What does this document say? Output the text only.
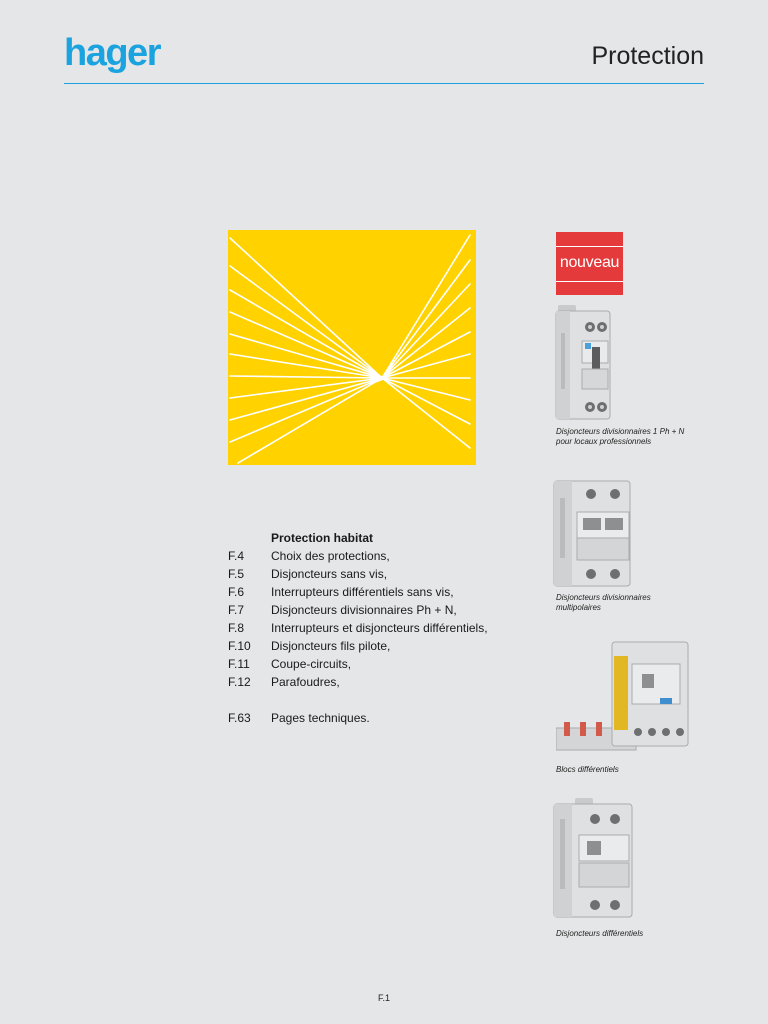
hager	Protection
Protection habitat
F.4 Choix des protections,
F.5 Disjoncteurs sans vis,
F.6 Interrupteurs différentiels sans vis,
F.7 Disjoncteurs divisionnaires Ph + N,
F.8 Interrupteurs et disjoncteurs différentiels,
F.10 Disjoncteurs fils pilote,
F.11 Coupe-circuits,
F.12 Parafoudres,
F.63 Pages techniques.
nouveau
Disjoncteurs divisionnaires 1 Ph + N
pour locaux professionnels
Disjoncteurs divisionnaires
multipolaires
Blocs différentiels
Disjoncteurs différentiels
F.1
